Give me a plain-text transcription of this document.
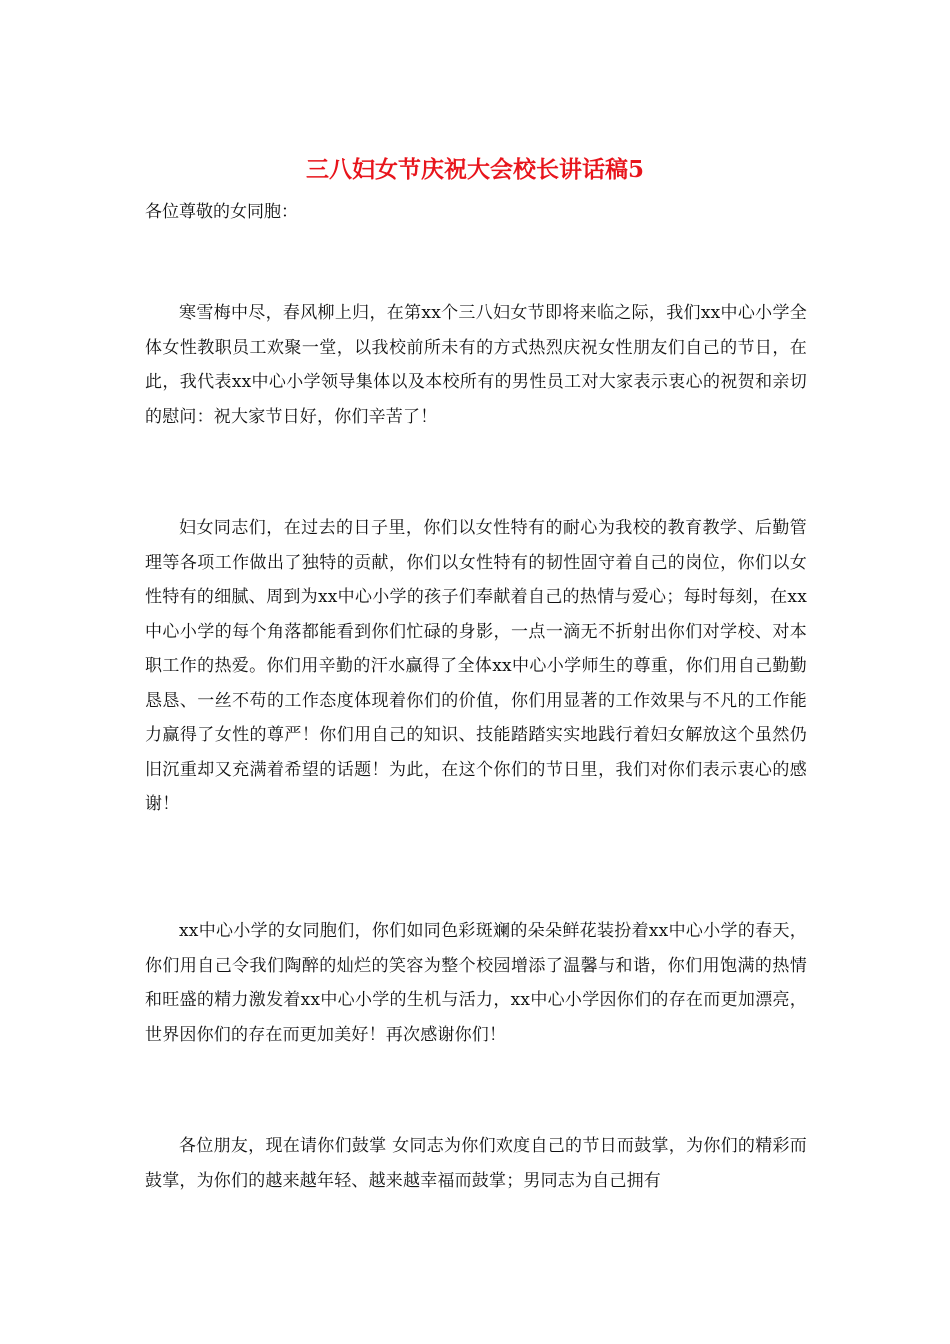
三八妇女节庆祝大会校长讲话稿5

各位尊敬的女同胞：

寒雪梅中尽，春风柳上归，在第xx个三八妇女节即将来临之际，我们xx中心小学全体女性教职员工欢聚一堂，以我校前所未有的方式热烈庆祝女性朋友们自己的节日，在此，我代表xx中心小学领导集体以及本校所有的男性员工对大家表示衷心的祝贺和亲切的慰问：祝大家节日好，你们辛苦了！

妇女同志们，在过去的日子里，你们以女性特有的耐心为我校的教育教学、后勤管理等各项工作做出了独特的贡献，你们以女性特有的韧性固守着自己的岗位，你们以女性特有的细腻、周到为xx中心小学的孩子们奉献着自己的热情与爱心；每时每刻，在xx中心小学的每个角落都能看到你们忙碌的身影，一点一滴无不折射出你们对学校、对本职工作的热爱。你们用辛勤的汗水赢得了全体xx中心小学师生的尊重，你们用自己勤勤恳恳、一丝不苟的工作态度体现着你们的价值，你们用显著的工作效果与不凡的工作能力赢得了女性的尊严！你们用自己的知识、技能踏踏实实地践行着妇女解放这个虽然仍旧沉重却又充满着希望的话题！为此，在这个你们的节日里，我们对你们表示衷心的感谢！

xx中心小学的女同胞们，你们如同色彩斑斓的朵朵鲜花装扮着xx中心小学的春天，你们用自己令我们陶醉的灿烂的笑容为整个校园增添了温馨与和谐，你们用饱满的热情和旺盛的精力激发着xx中心小学的生机与活力，xx中心小学因你们的存在而更加漂亮，世界因你们的存在而更加美好！再次感谢你们！

各位朋友，现在请你们鼓掌 女同志为你们欢度自己的节日而鼓掌，为你们的精彩而鼓掌，为你们的越来越年轻、越来越幸福而鼓掌；男同志为自己拥有
